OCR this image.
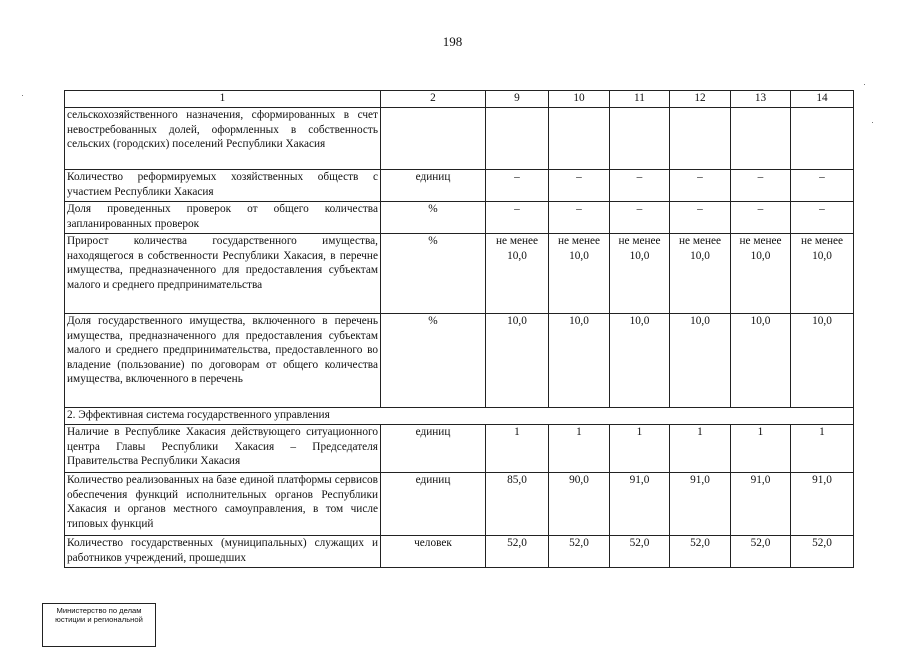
198
1	2	9	10	11	12	13	14
сельскохозяйственного назначения, сформированных в счет невостребованных долей, оформленных в собственность сельских (городских) поселений Республики Хакасия							
Количество реформируемых хозяйственных обществ с участием Республики Хакасия	единиц	–	–	–	–	–	–
Доля проведенных проверок от общего количества запланированных проверок	%	–	–	–	–	–	–
Прирост количества государственного имущества, находящегося в собственности Республики Хакасия, в перечне имущества, предназначенного для предоставления субъектам малого и среднего предпринимательства	%	не менее 10,0	не менее 10,0	не менее 10,0	не менее 10,0	не менее 10,0	не менее 10,0
Доля государственного имущества, включенного в перечень имущества, предназначенного для предоставления субъектам малого и среднего предпринимательства, предоставленного во владение (пользование) по договорам от общего количества имущества, включенного в перечень	%	10,0	10,0	10,0	10,0	10,0	10,0
2. Эффективная система государственного управления							
Наличие в Республике Хакасия действующего ситуационного центра Главы Республики Хакасия – Председателя Правительства Республики Хакасия	единиц	1	1	1	1	1	1
Количество реализованных на базе единой платформы сервисов обеспечения функций исполнительных органов Республики Хакасия и органов местного самоуправления, в том числе типовых функций	единиц	85,0	90,0	91,0	91,0	91,0	91,0
Количество государственных (муниципальных) служащих и работников учреждений, прошедших	человек	52,0	52,0	52,0	52,0	52,0	52,0
Министерство по делам
юстиции и региональной
